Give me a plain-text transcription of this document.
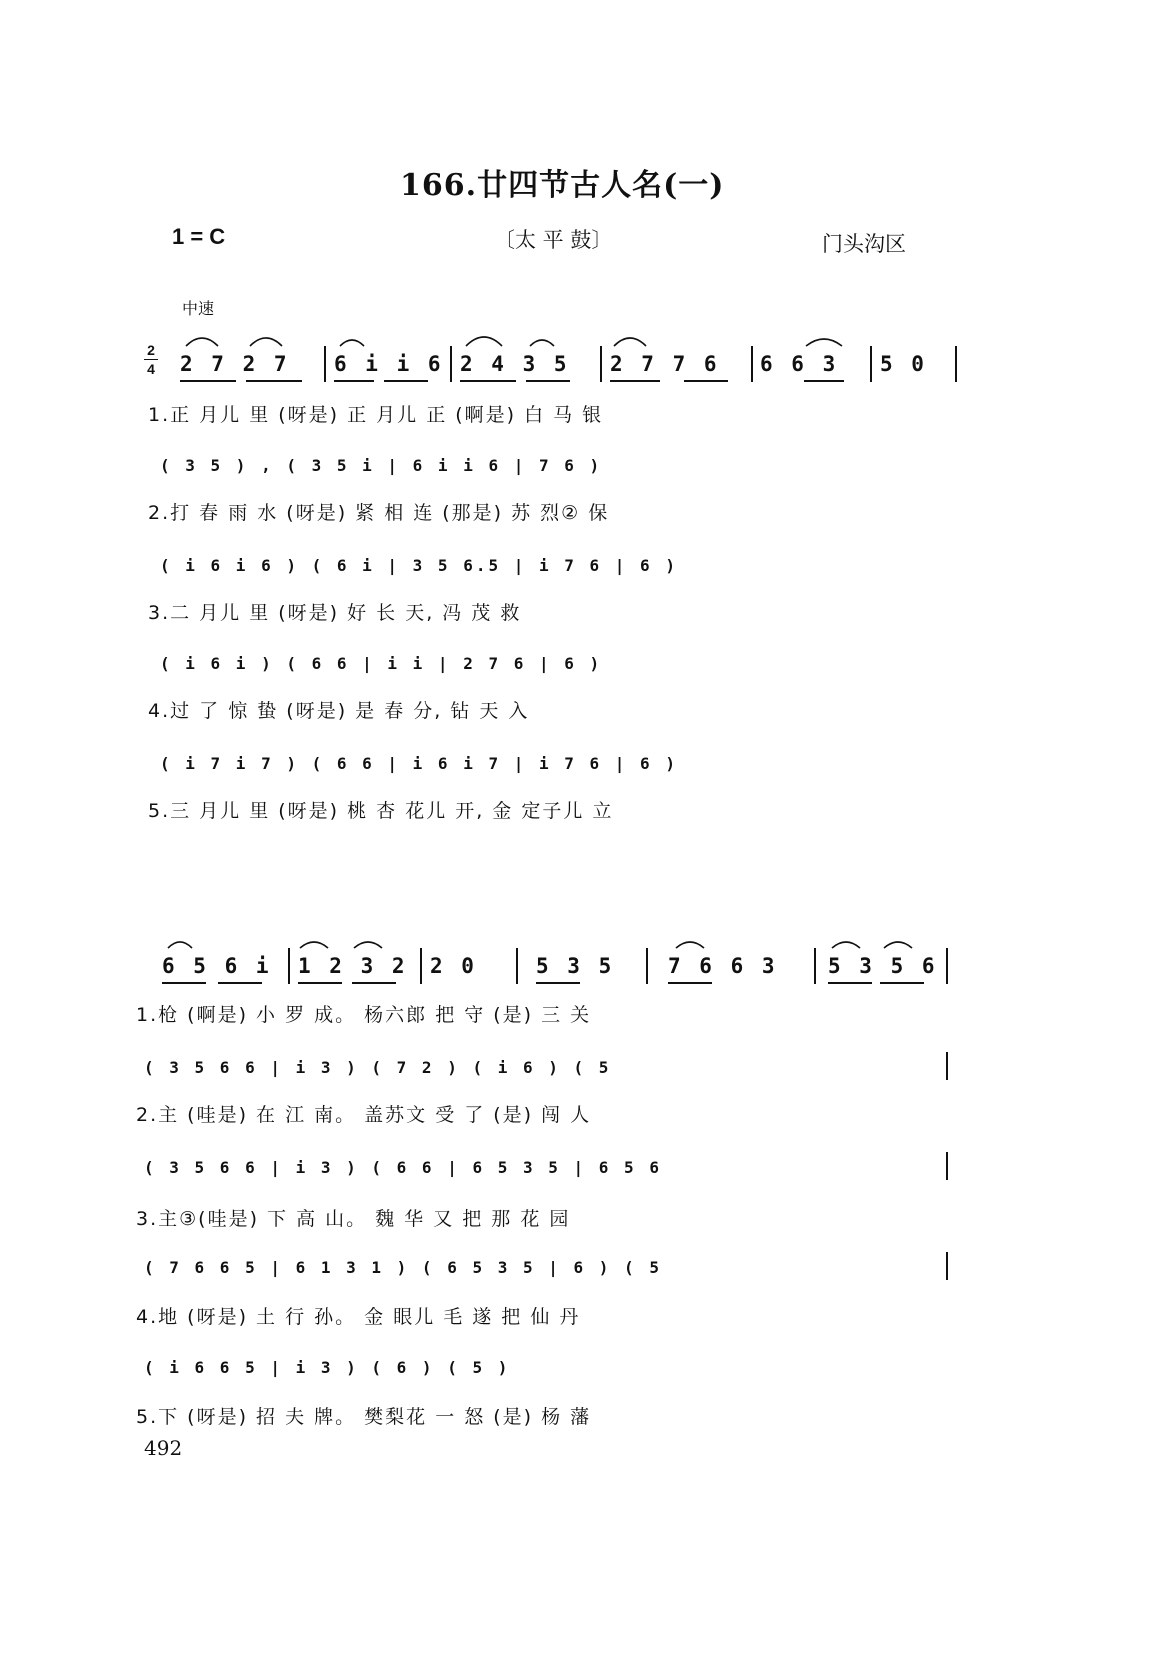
166.廿四节古人名(一)
1 = C	〔太 平 鼓〕	门头沟区
中速
2
4 2 7 2 7 6 i i 6 2 4 3 5 2 7 7 6 6 6 3 5 0
1.正 月儿 里 (呀是) 正 月儿 正 (啊是) 白 马 银
( 3 5 ) , ( 3 5 i | 6 i i 6 | 7 6 )
2.打 春 雨 水 (呀是) 紧 相 连 (那是) 苏 烈② 保
( i 6 i 6 ) ( 6 i | 3 5 6.5 | i 7 6 | 6 )
3.二 月儿 里 (呀是) 好 长 天, 冯 茂 救
( i 6 i ) ( 6 6 | i i | 2 7 6 | 6 )
4.过 了 惊 蛰 (呀是) 是 春 分, 钻 天 入
( i 7 i 7 ) ( 6 6 | i 6 i 7 | i 7 6 | 6 )
5.三 月儿 里 (呀是) 桃 杏 花儿 开, 金 定子儿 立
6 5 6 i 1 2 3 2 2 0	5 3 5	7 6 6 3 5 3 5 6
1.枪 (啊是) 小 罗 成。 杨六郎 把 守 (是) 三 关
( 3 5 6 6 | i 3 ) ( 7 2 ) ( i 6 ) ( 5
2.主 (哇是) 在 江 南。 盖苏文 受 了 (是) 闯 人
( 3 5 6 6 | i 3 ) ( 6 6 | 6 5 3 5 | 6 5 6
3.主③(哇是) 下 高 山。 魏 华 又 把 那 花 园
( 7 6 6 5 | 6 1 3 1 ) ( 6 5 3 5 | 6 ) ( 5
4.地 (呀是) 土 行 孙。 金 眼儿 毛 遂 把 仙 丹
( i 6 6 5 | i 3 ) ( 6 ) ( 5 )
5.下 (呀是) 招 夫 牌。 樊梨花 一 怒 (是) 杨 藩
492
